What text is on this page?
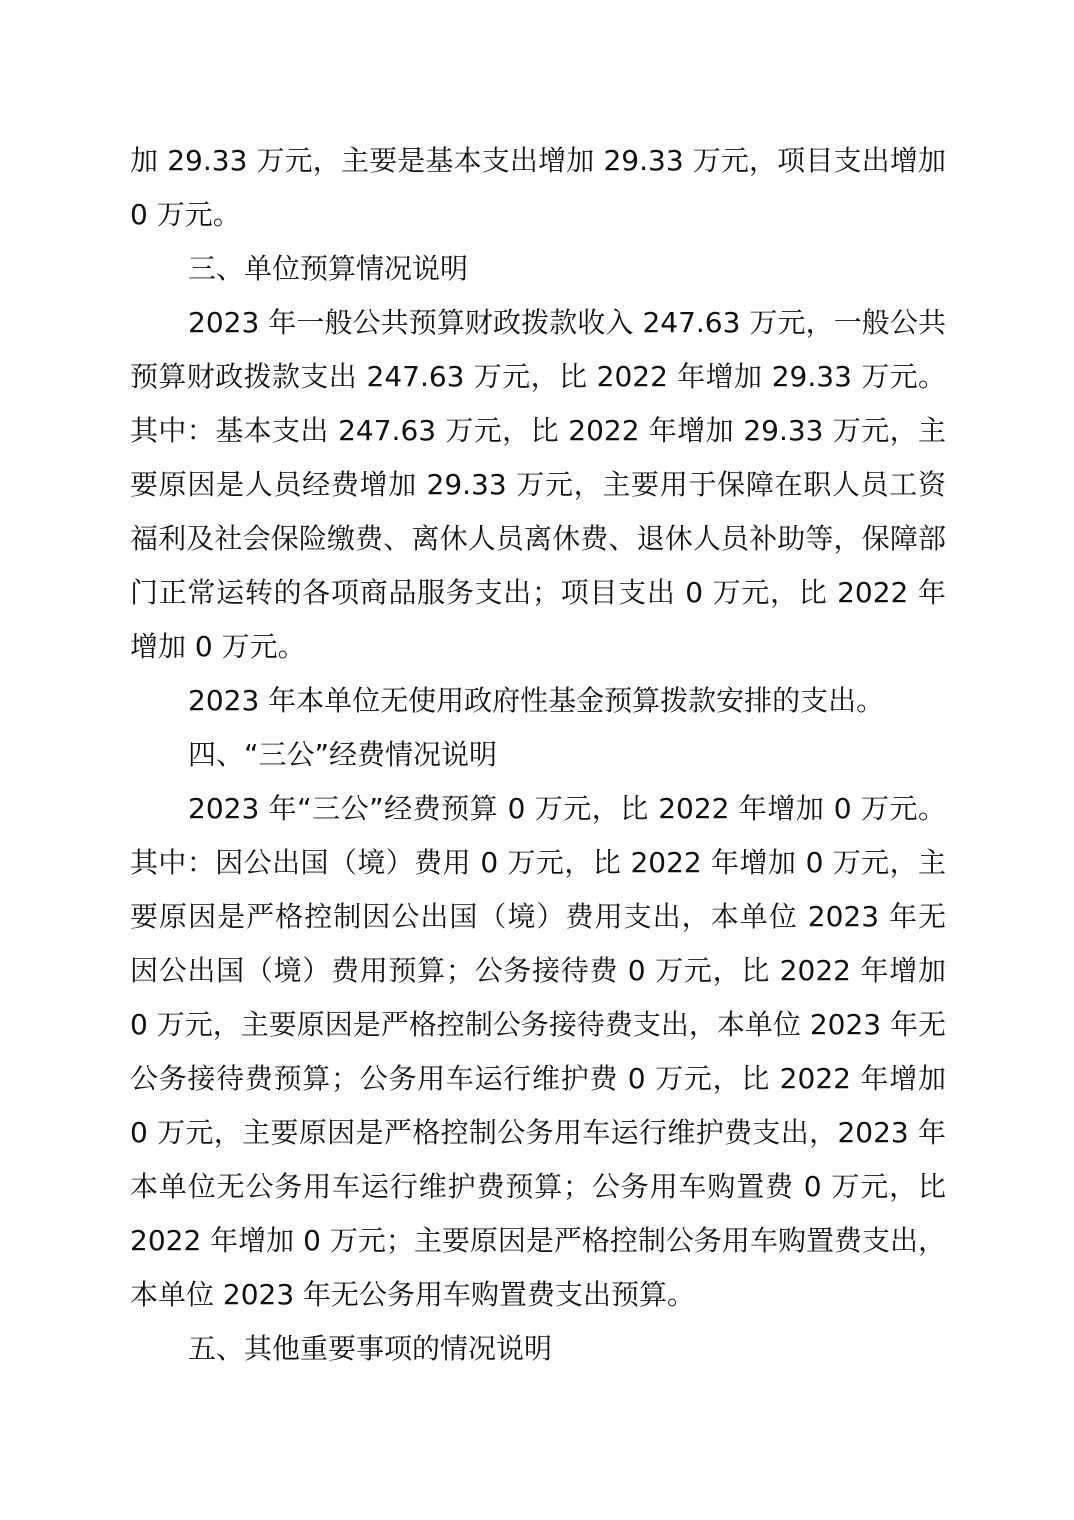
加 29.33 万元，主要是基本支出增加 29.33 万元，项目支出增加 0 万元。

三、单位预算情况说明

2023 年一般公共预算财政拨款收入 247.63 万元，一般公共预算财政拨款支出 247.63 万元，比 2022 年增加 29.33 万元。其中：基本支出 247.63 万元，比 2022 年增加 29.33 万元，主要原因是人员经费增加 29.33 万元，主要用于保障在职人员工资福利及社会保险缴费、离休人员离休费、退休人员补助等，保障部门正常运转的各项商品服务支出；项目支出 0 万元，比 2022 年增加 0 万元。

2023 年本单位无使用政府性基金预算拨款安排的支出。

四、“三公”经费情况说明

2023 年“三公”经费预算 0 万元，比 2022 年增加 0 万元。其中：因公出国（境）费用 0 万元，比 2022 年增加 0 万元，主要原因是严格控制因公出国（境）费用支出，本单位 2023 年无因公出国（境）费用预算；公务接待费 0 万元，比 2022 年增加 0 万元，主要原因是严格控制公务接待费支出，本单位 2023 年无公务接待费预算；公务用车运行维护费 0 万元，比 2022 年增加 0 万元，主要原因是严格控制公务用车运行维护费支出，2023 年本单位无公务用车运行维护费预算；公务用车购置费 0 万元，比 2022 年增加 0 万元；主要原因是严格控制公务用车购置费支出，本单位 2023 年无公务用车购置费支出预算。

五、其他重要事项的情况说明
